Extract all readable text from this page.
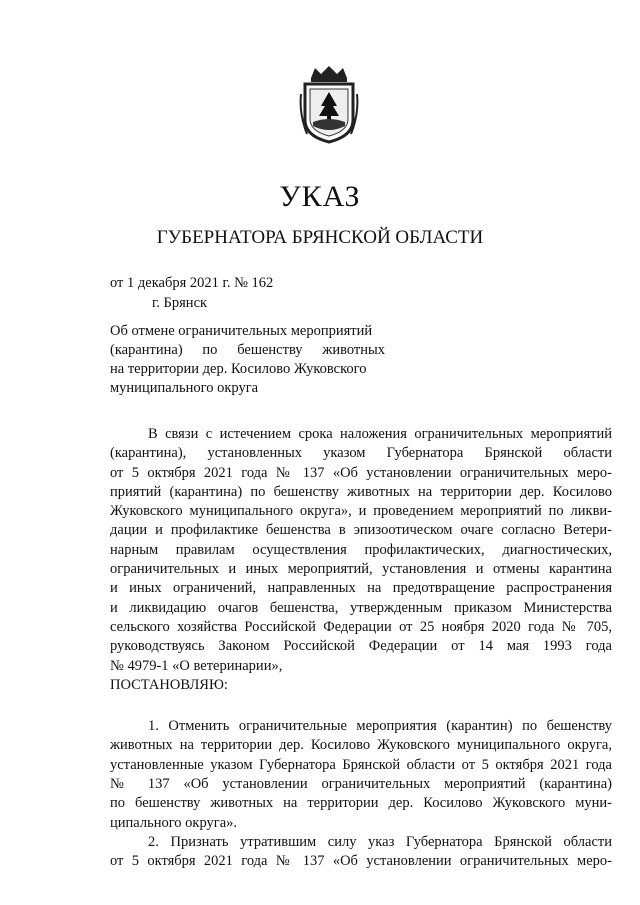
УКАЗ
ГУБЕРНАТОРА БРЯНСКОЙ ОБЛАСТИ
от 1 декабря 2021 г. № 162
г. Брянск
Об отмене ограничительных мероприятий
(карантина) по бешенству животных
на территории дер. Косилово Жуковского
муниципального округа
В связи с истечением срока наложения ограничительных мероприятий
(карантина), установленных указом Губернатора Брянской области
от 5 октября 2021 года № 137 «Об установлении ограничительных меро-
приятий (карантина) по бешенству животных на территории дер. Косилово
Жуковского муниципального округа», и проведением мероприятий по ликви-
дации и профилактике бешенства в эпизоотическом очаге согласно Ветери-
нарным правилам осуществления профилактических, диагностических,
ограничительных и иных мероприятий, установления и отмены карантина
и иных ограничений, направленных на предотвращение распространения
и ликвидацию очагов бешенства, утвержденным приказом Министерства
сельского хозяйства Российской Федерации от 25 ноября 2020 года № 705,
руководствуясь Законом Российской Федерации от 14 мая 1993 года
№ 4979-1 «О ветеринарии»,
ПОСТАНОВЛЯЮ:
1. Отменить ограничительные мероприятия (карантин) по бешенству
животных на территории дер. Косилово Жуковского муниципального округа,
установленные указом Губернатора Брянской области от 5 октября 2021 года
№ 137 «Об установлении ограничительных мероприятий (карантина)
по бешенству животных на территории дер. Косилово Жуковского муни-
ципального округа».
2. Признать утратившим силу указ Губернатора Брянской области
от 5 октября 2021 года № 137 «Об установлении ограничительных меро-
